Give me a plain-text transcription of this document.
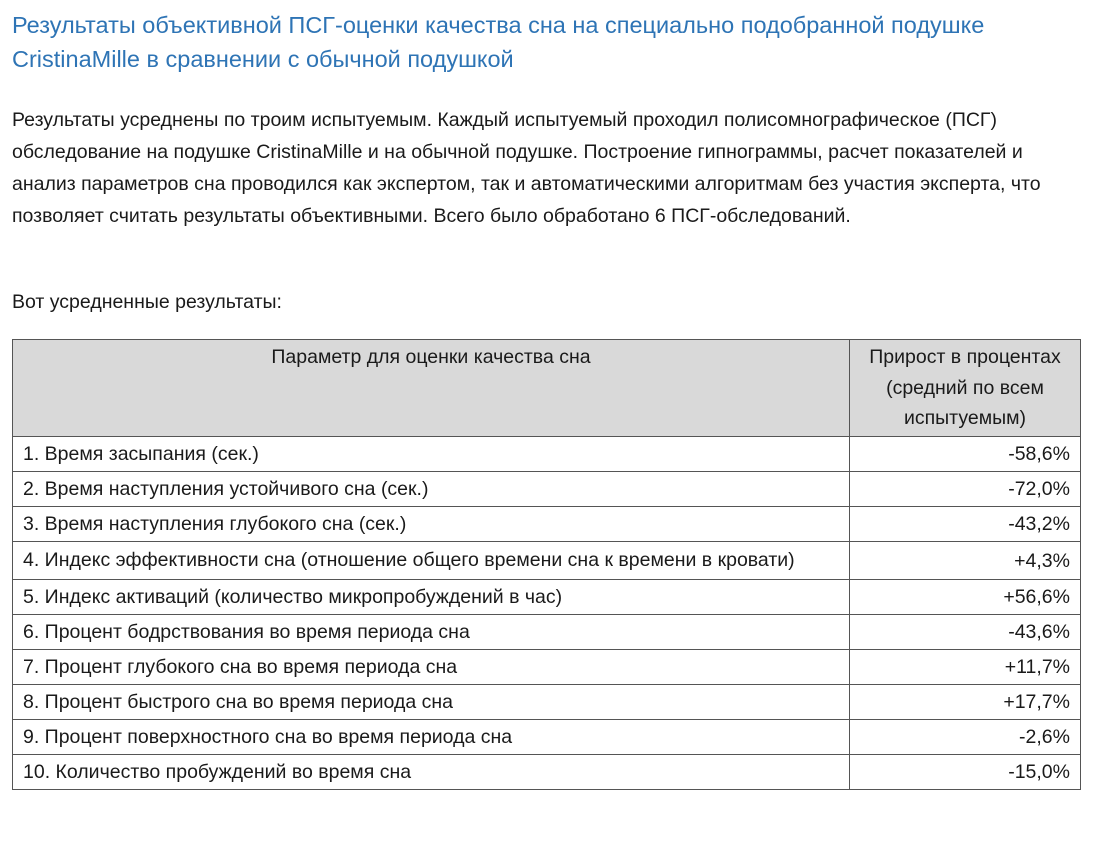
Результаты объективной ПСГ-оценки качества сна на специально подобранной подушке CristinaMille в сравнении с обычной подушкой

Результаты усреднены по троим испытуемым. Каждый испытуемый проходил полисомнографическое (ПСГ) обследование на подушке CristinaMille и на обычной подушке. Построение гипнограммы, расчет показателей и анализ параметров сна проводился как экспертом, так и автоматическими алгоритмам без участия эксперта, что позволяет считать результаты объективными. Всего было обработано 6 ПСГ-обследований.

Вот усредненные результаты:

Параметр для оценки качества сна	Прирост в процентах (средний по всем испытуемым)
1. Время засыпания (сек.)	-58,6%
2. Время наступления устойчивого сна (сек.)	-72,0%
3. Время наступления глубокого сна (сек.)	-43,2%
4. Индекс эффективности сна (отношение общего времени сна к времени в кровати)	+4,3%
5. Индекс активаций (количество микропробуждений в час)	+56,6%
6. Процент бодрствования во время периода сна	-43,6%
7. Процент глубокого сна во время периода сна	+11,7%
8. Процент быстрого сна во время периода сна	+17,7%
9. Процент поверхностного сна во время периода сна	-2,6%
10. Количество пробуждений во время сна	-15,0%
